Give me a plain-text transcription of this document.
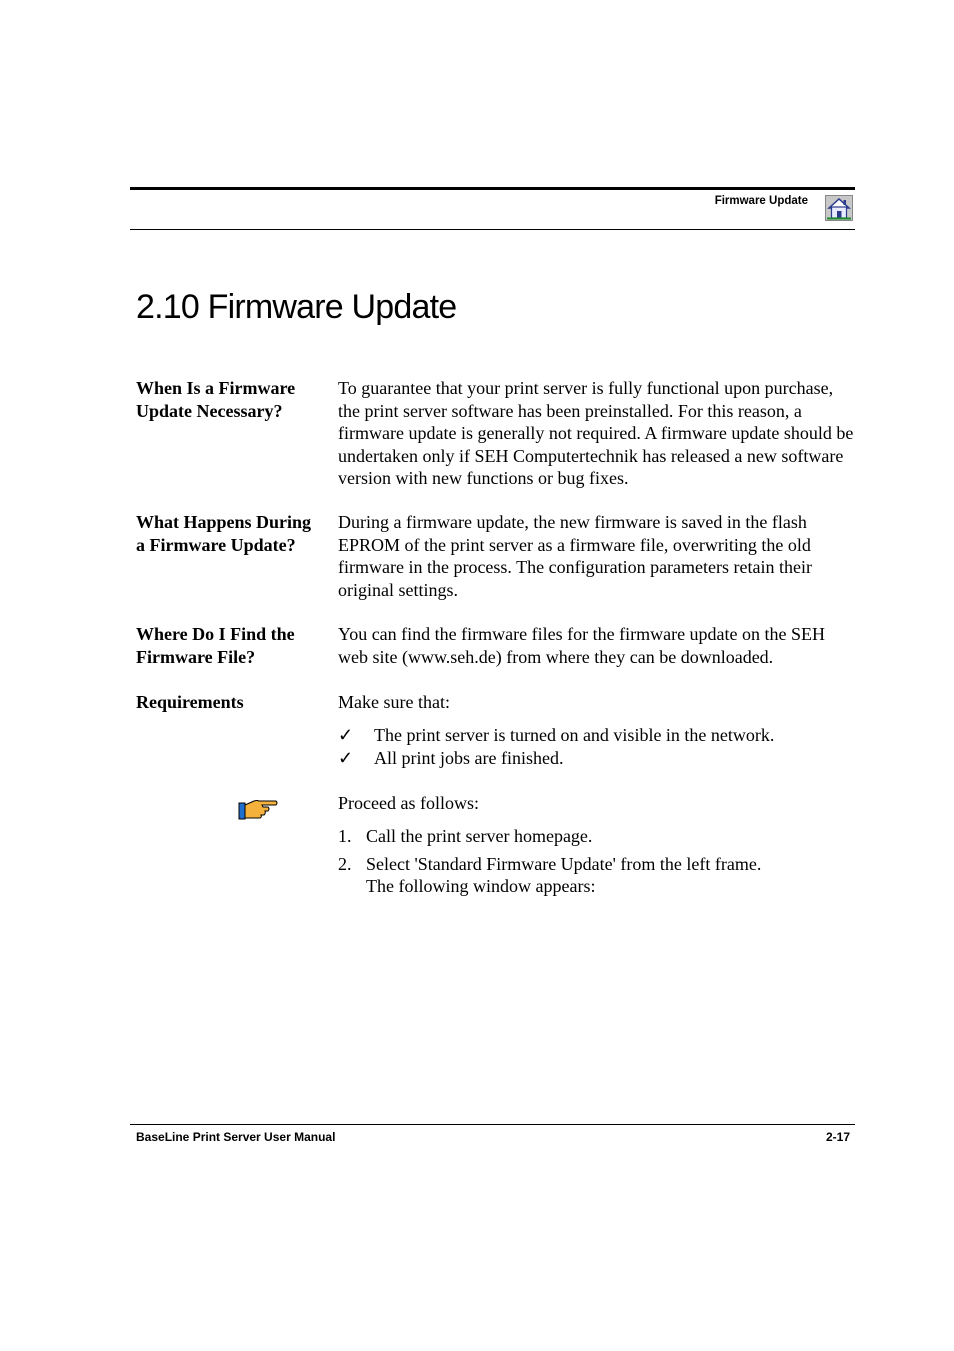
Firmware Update
2.10 Firmware Update
When Is a Firmware Update Necessary?
To guarantee that your print server is fully functional upon purchase, the print server software has been preinstalled. For this reason, a firmware update is generally not required. A firmware update should be undertaken only if SEH Computertechnik has released a new software version with new functions or bug fixes.
What Happens During a Firmware Update?
During a firmware update, the new firmware is saved in the flash EPROM of the print server as a firmware file, overwriting the old firmware in the process. The configuration parameters retain their original settings.
Where Do I Find the Firmware File?
You can find the firmware files for the firmware update on the SEH web site (www.seh.de) from where they can be downloaded.
Requirements	Make sure that:
✓ The print server is turned on and visible in the network.
✓ All print jobs are finished.
Proceed as follows:
1. Call the print server homepage.
2. Select 'Standard Firmware Update' from the left frame.
The following window appears:
BaseLine Print Server User Manual	2-17
